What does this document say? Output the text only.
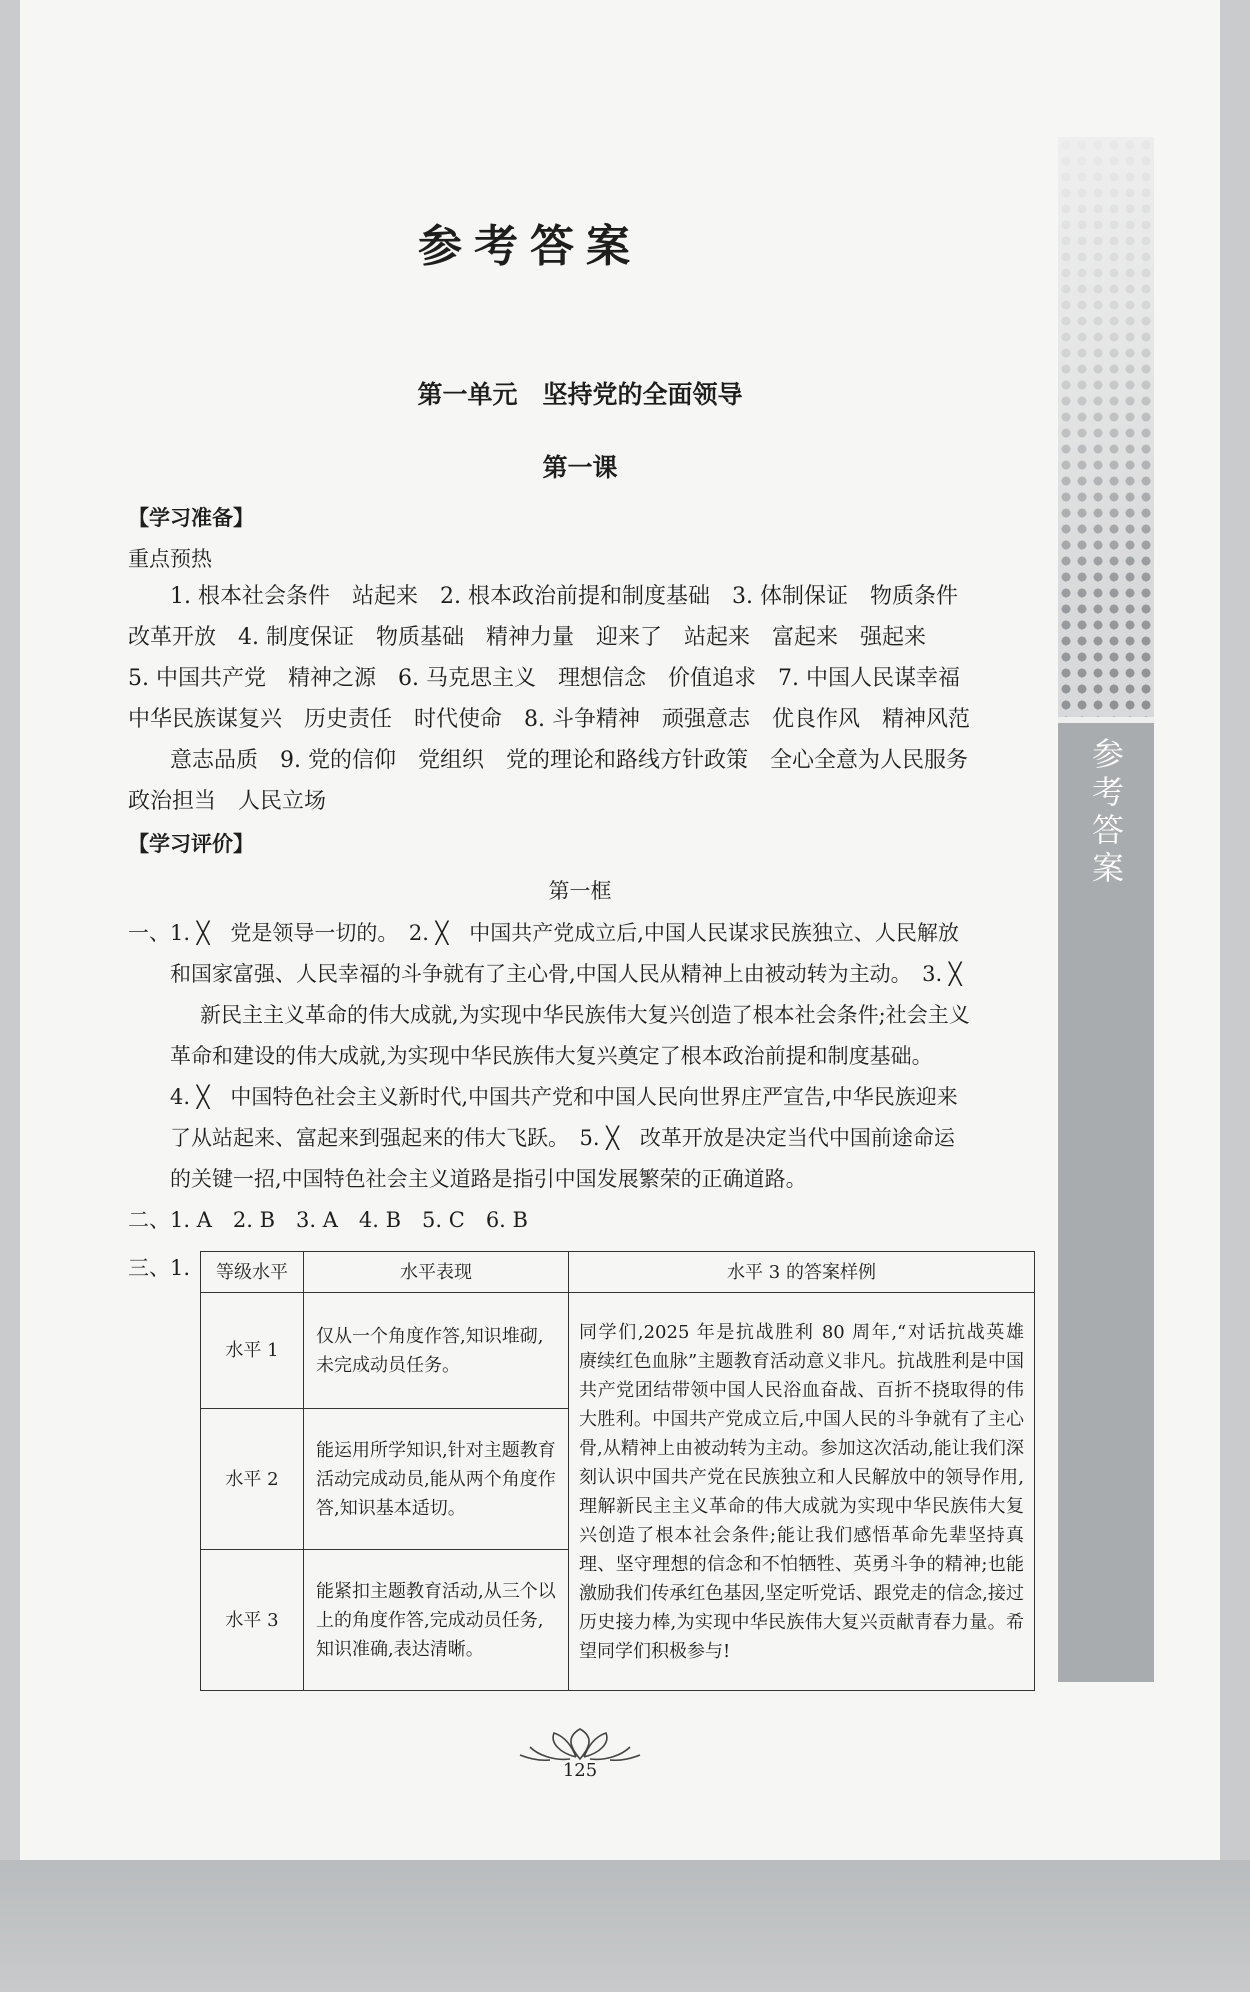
参考答案
参考答案
第一单元　坚持党的全面领导
第一课
【学习准备】
重点预热
1. 根本社会条件　站起来　2. 根本政治前提和制度基础　3. 体制保证　物质条件
改革开放　4. 制度保证　物质基础　精神力量　迎来了　站起来　富起来　强起来
5. 中国共产党　精神之源　6. 马克思主义　理想信念　价值追求　7. 中国人民谋幸福
中华民族谋复兴　历史责任　时代使命　8. 斗争精神　顽强意志　优良作风　精神风范
意志品质　9. 党的信仰　党组织　党的理论和路线方针政策　全心全意为人民服务
政治担当　人民立场
【学习评价】
第一框
一、1. ╳　党是领导一切的。　2. ╳　中国共产党成立后,中国人民谋求民族独立、人民解放
和国家富强、人民幸福的斗争就有了主心骨,中国人民从精神上由被动转为主动。　3. ╳
新民主主义革命的伟大成就,为实现中华民族伟大复兴创造了根本社会条件;社会主义
革命和建设的伟大成就,为实现中华民族伟大复兴奠定了根本政治前提和制度基础。
4. ╳　中国特色社会主义新时代,中国共产党和中国人民向世界庄严宣告,中华民族迎来
了从站起来、富起来到强起来的伟大飞跃。　5. ╳　改革开放是决定当代中国前途命运
的关键一招,中国特色社会主义道路是指引中国发展繁荣的正确道路。
二、1. A　2. B　3. A　4. B　5. C　6. B
三、1. 等级水平	水平表现	水平 3 的答案样例
水平 1	仅从一个角度作答,知识堆砌,未完成动员任务。	同学们,2025 年是抗战胜利 80 周年,“对话抗战英雄　赓续红色血脉”主题教育活动意义非凡。抗战胜利是中国共产党团结带领中国人民浴血奋战、百折不挠取得的伟大胜利。中国共产党成立后,中国人民的斗争就有了主心骨,从精神上由被动转为主动。参加这次活动,能让我们深刻认识中国共产党在民族独立和人民解放中的领导作用,理解新民主主义革命的伟大成就为实现中华民族伟大复兴创造了根本社会条件;能让我们感悟革命先辈坚持真理、坚守理想的信念和不怕牺牲、英勇斗争的精神;也能激励我们传承红色基因,坚定听党话、跟党走的信念,接过历史接力棒,为实现中华民族伟大复兴贡献青春力量。希望同学们积极参与!
水平 2	能运用所学知识,针对主题教育活动完成动员,能从两个角度作答,知识基本适切。	
水平 3	能紧扣主题教育活动,从三个以上的角度作答,完成动员任务,知识准确,表达清晰。	
125
